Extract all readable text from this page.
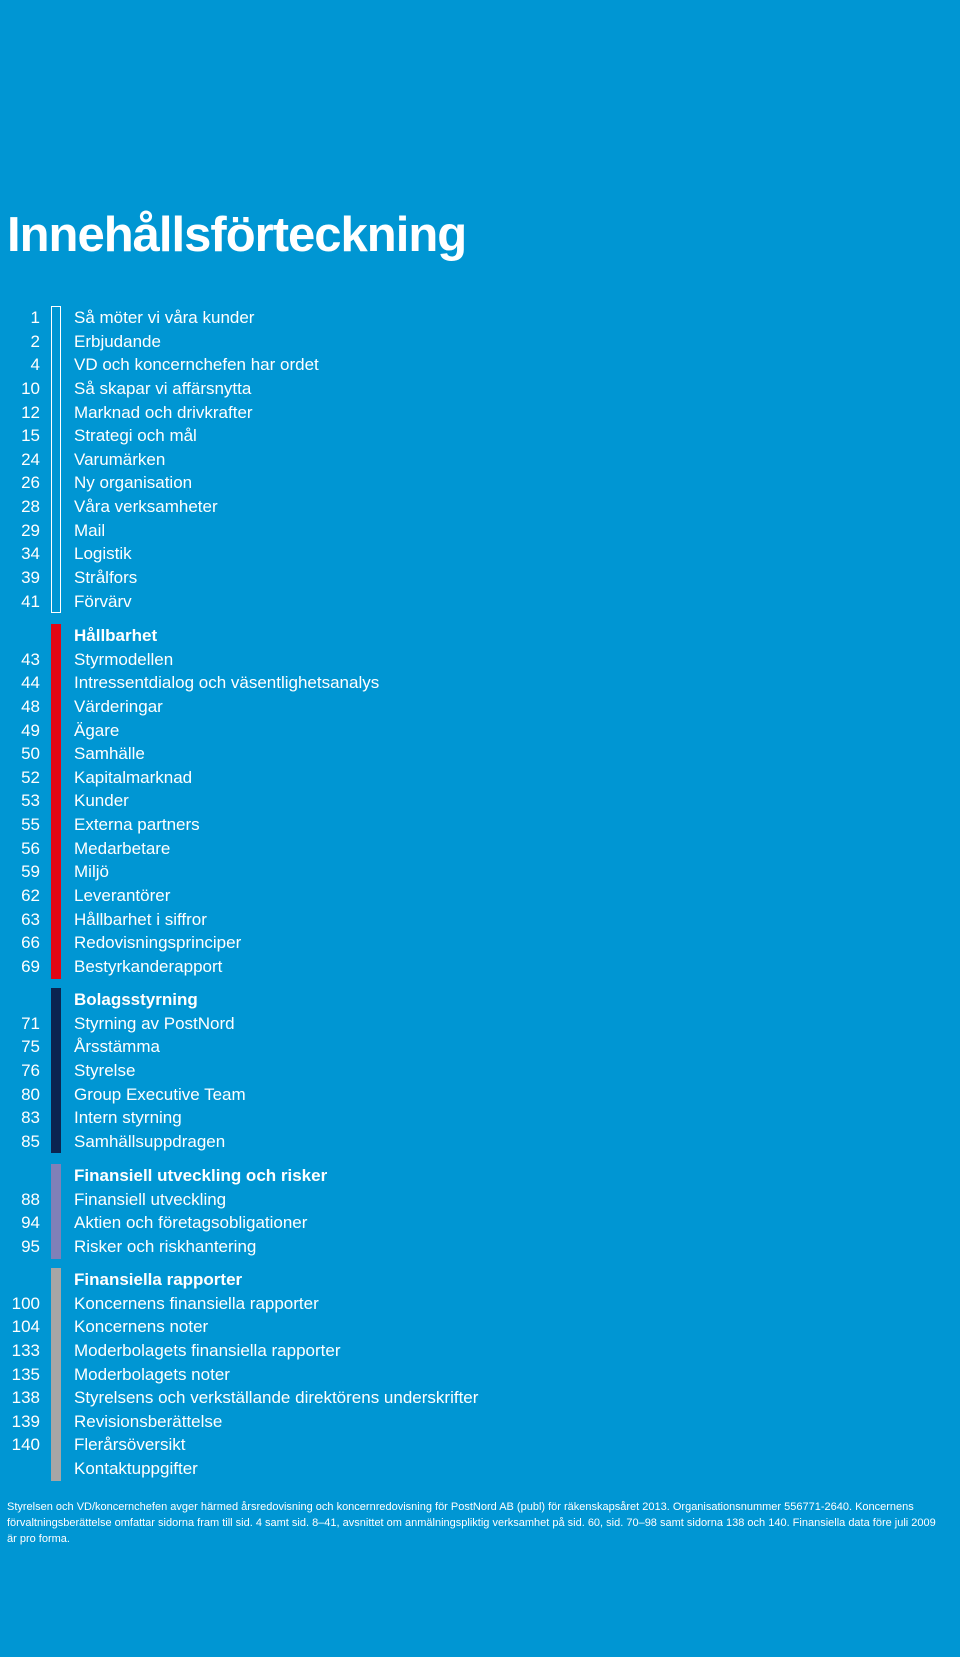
Innehållsförteckning
1 Så möter vi våra kunder
2 Erbjudande
4 VD och koncernchefen har ordet
10 Så skapar vi affärsnytta
12 Marknad och drivkrafter
15 Strategi och mål
24 Varumärken
26 Ny organisation
28 Våra verksamheter
29 Mail
34 Logistik
39 Strålfors
41 Förvärv
Hållbarhet
43 Styrmodellen
44 Intressentdialog och väsentlighetsanalys
48 Värderingar
49 Ägare
50 Samhälle
52 Kapitalmarknad
53 Kunder
55 Externa partners
56 Medarbetare
59 Miljö
62 Leverantörer
63 Hållbarhet i siffror
66 Redovisningsprinciper
69 Bestyrkanderapport
Bolagsstyrning
71 Styrning av PostNord
75 Årsstämma
76 Styrelse
80 Group Executive Team
83 Intern styrning
85 Samhällsuppdragen
Finansiell utveckling och risker
88 Finansiell utveckling
94 Aktien och företagsobligationer
95 Risker och riskhantering
Finansiella rapporter
100 Koncernens finansiella rapporter
104 Koncernens noter
133 Moderbolagets finansiella rapporter
135 Moderbolagets noter
138 Styrelsens och verkställande direktörens underskrifter
139 Revisionsberättelse
140 Flerårsöversikt
Kontaktuppgifter

Styrelsen och VD/koncernchefen avger härmed årsredovisning och koncernredovisning för PostNord AB (publ) för räkenskapsåret 2013. Organisationsnummer 556771-2640. Koncernens förvaltningsberättelse omfattar sidorna fram till sid. 4 samt sid. 8–41, avsnittet om anmälningspliktig verksamhet på sid. 60, sid. 70–98 samt sidorna 138 och 140. Finansiella data före juli 2009 är pro forma.
